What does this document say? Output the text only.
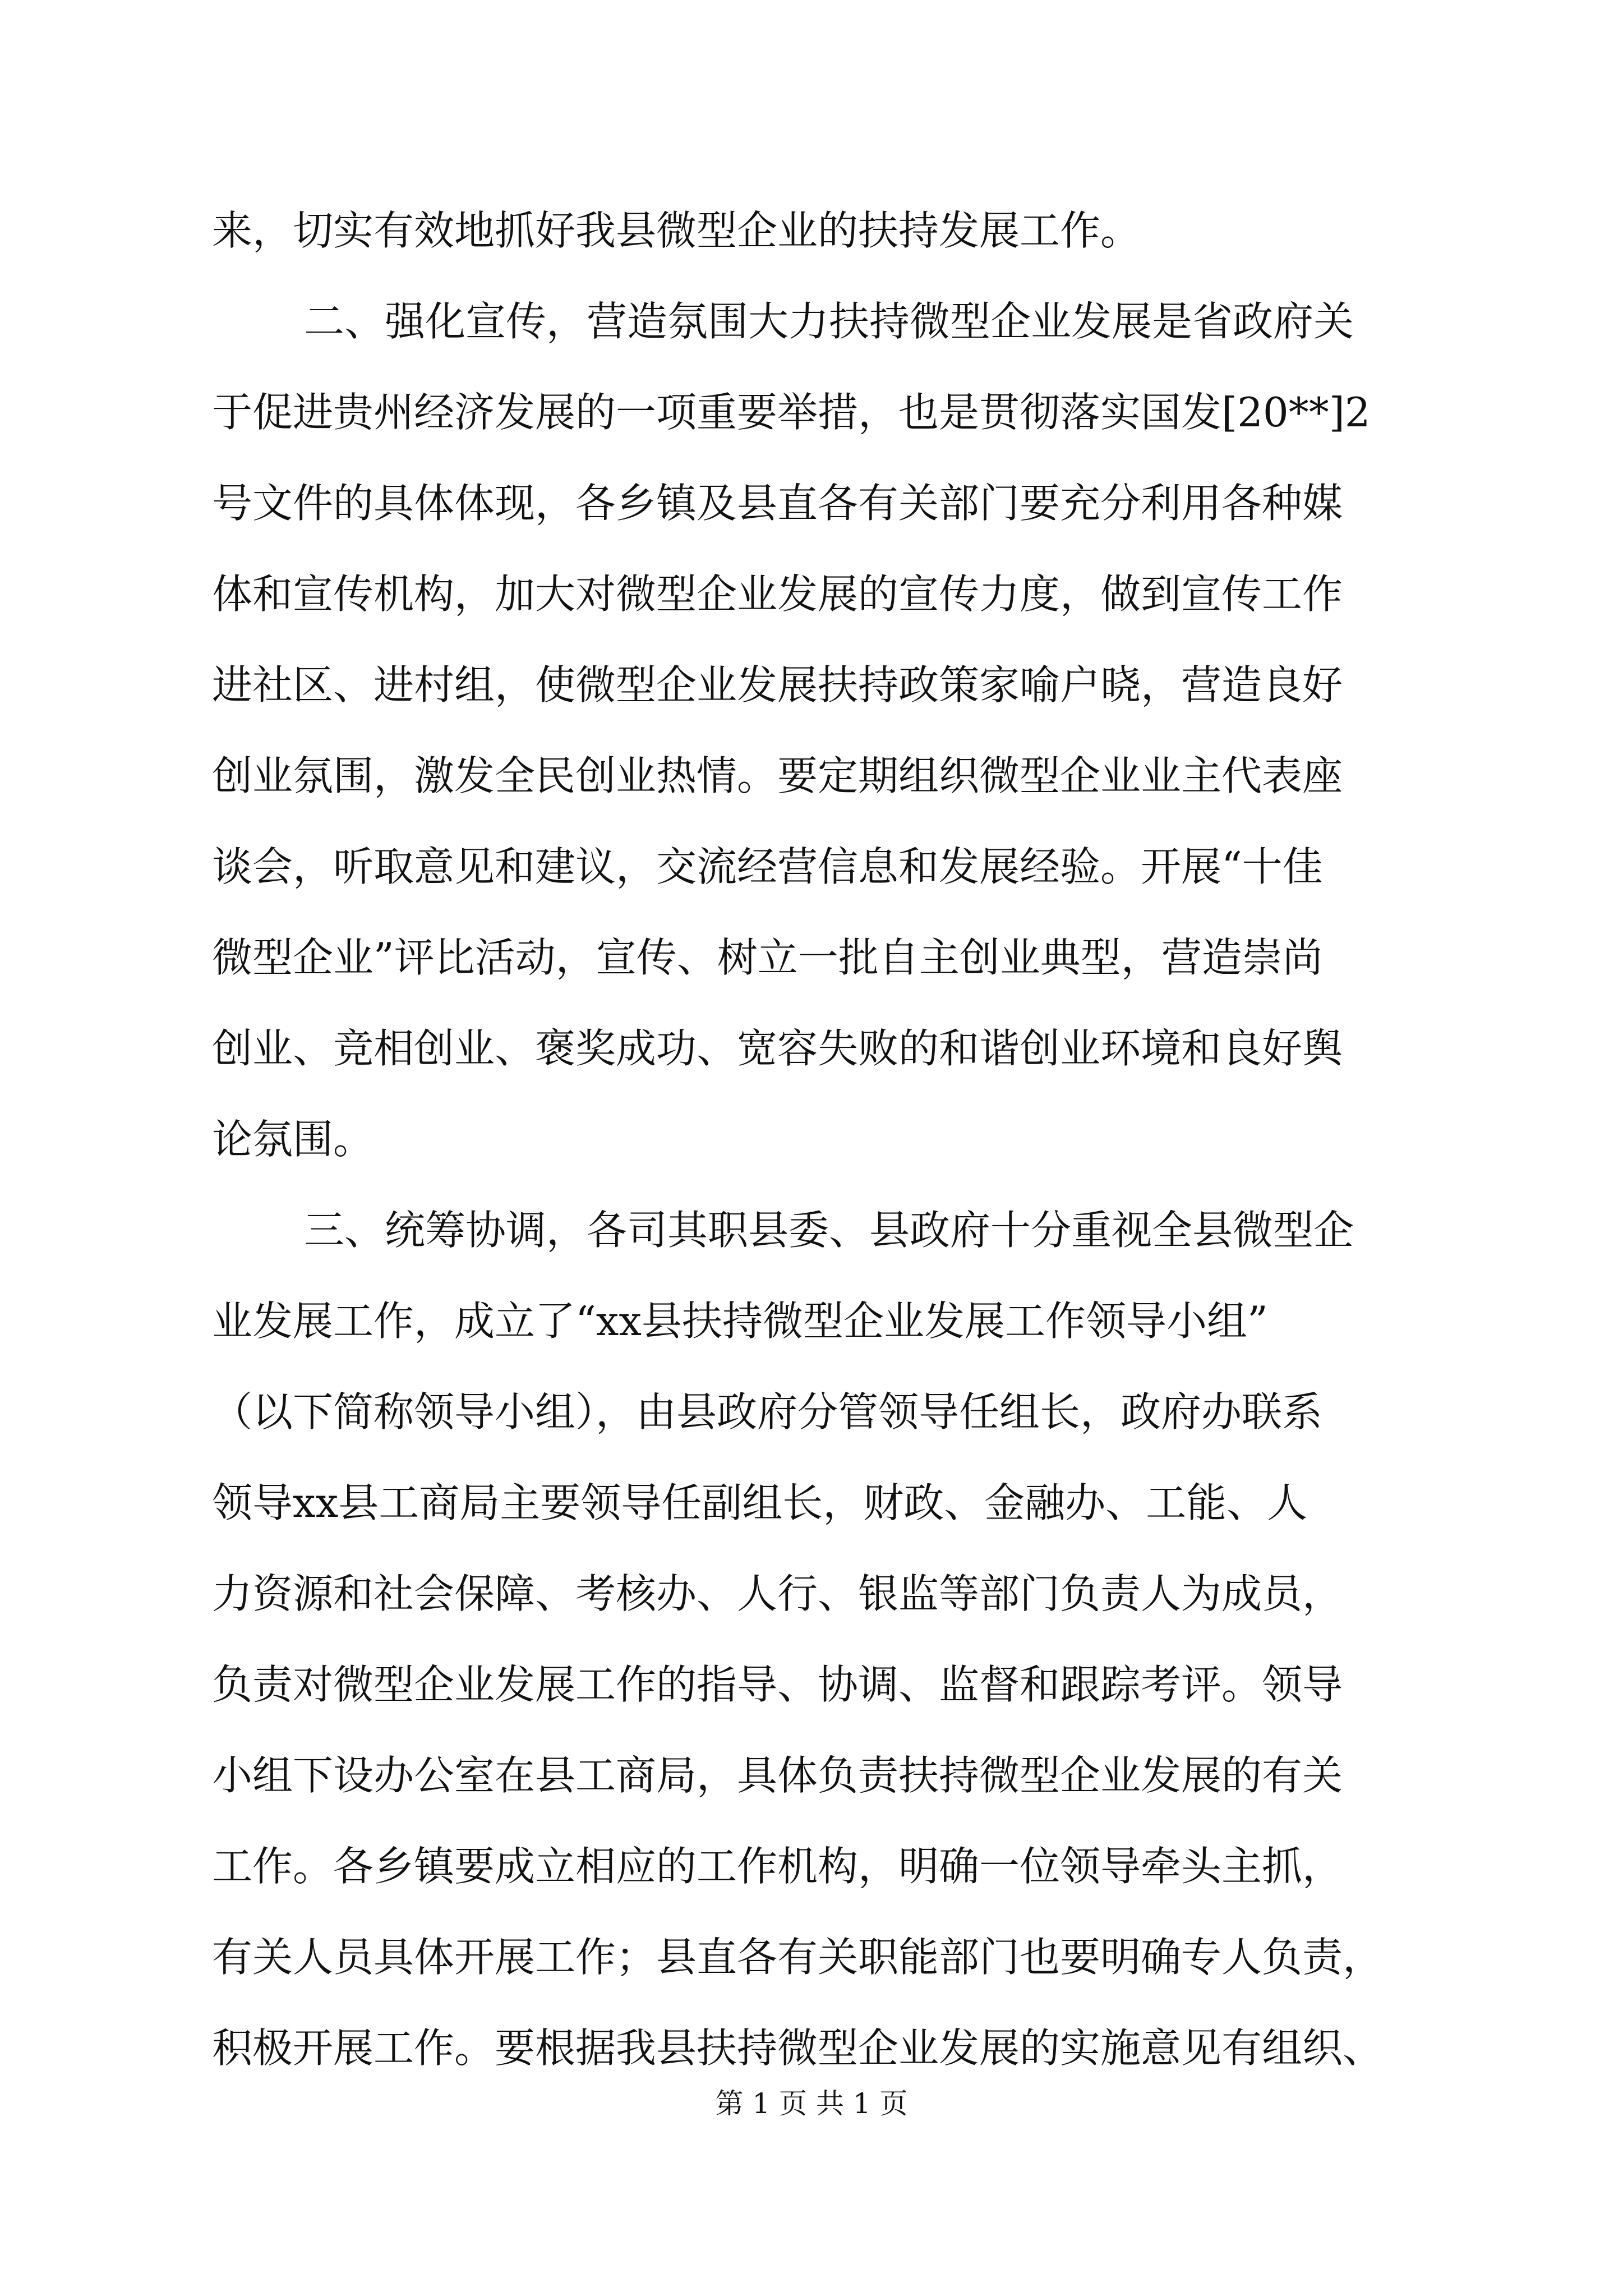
来，切实有效地抓好我县微型企业的扶持发展工作。
二、强化宣传，营造氛围大力扶持微型企业发展是省政府关
于促进贵州经济发展的一项重要举措，也是贯彻落实国发[20**]2
号文件的具体体现，各乡镇及县直各有关部门要充分利用各种媒
体和宣传机构，加大对微型企业发展的宣传力度，做到宣传工作
进社区、进村组，使微型企业发展扶持政策家喻户晓，营造良好
创业氛围，激发全民创业热情。要定期组织微型企业业主代表座
谈会，听取意见和建议，交流经营信息和发展经验。开展“十佳
微型企业”评比活动，宣传、树立一批自主创业典型，营造崇尚
创业、竞相创业、褒奖成功、宽容失败的和谐创业环境和良好舆
论氛围。
三、统筹协调，各司其职县委、县政府十分重视全县微型企
业发展工作，成立了“xx县扶持微型企业发展工作领导小组”
（以下简称领导小组），由县政府分管领导任组长，政府办联系
领导xx县工商局主要领导任副组长，财政、金融办、工能、人
力资源和社会保障、考核办、人行、银监等部门负责人为成员，
负责对微型企业发展工作的指导、协调、监督和跟踪考评。领导
小组下设办公室在县工商局，具体负责扶持微型企业发展的有关
工作。各乡镇要成立相应的工作机构，明确一位领导牵头主抓，
有关人员具体开展工作；县直各有关职能部门也要明确专人负责，
积极开展工作。要根据我县扶持微型企业发展的实施意见有组织、
第 1 页 共 1 页
